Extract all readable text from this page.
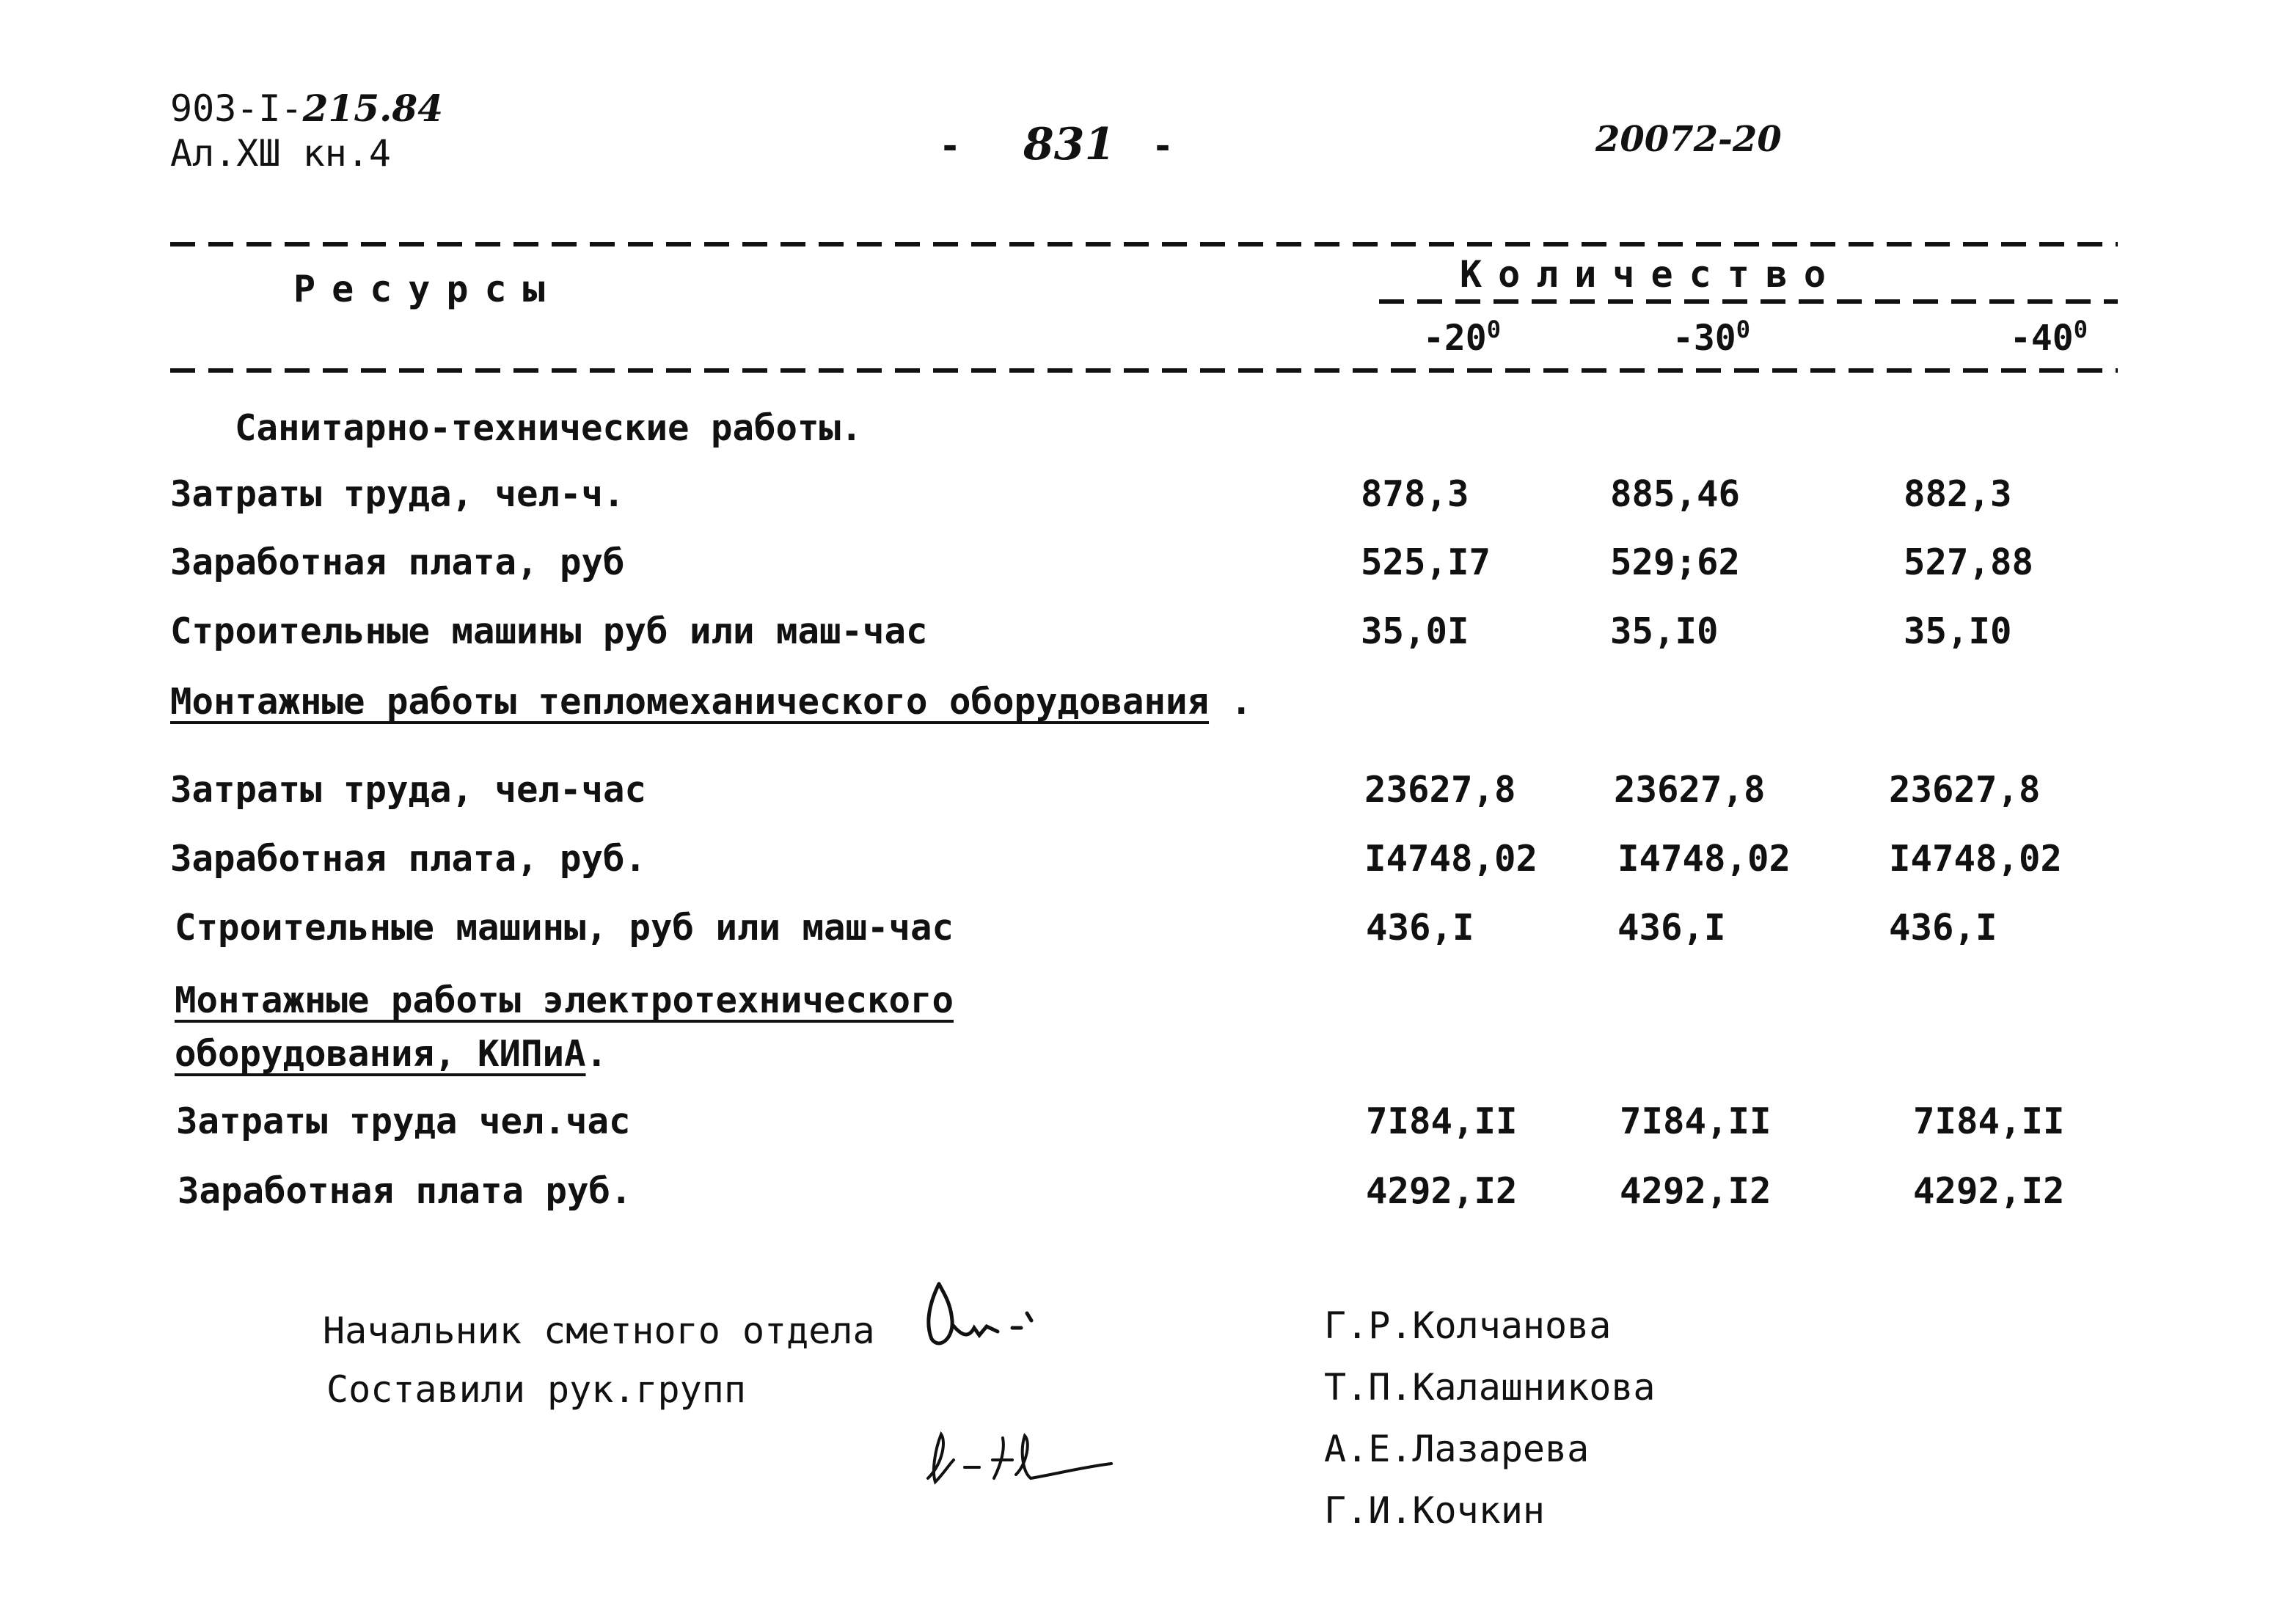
903-I-215.84
Ал.ХШ кн.4	- 831 -	20072-20
Ресурсы	Количество
$-20^0$	$-30^0$	$-40^0$
Санитарно-технические работы.
Затраты труда, чел-ч.	878,3	885,46	882,3
Заработная плата, руб	525,I7	529;62	527,88
Строительные машины руб или маш-час	35,0I	35,I0	35,I0
Монтажные работы тепломеханического оборудования .
Затраты труда, чел-час	23627,8	23627,8	23627,8
Заработная плата, руб.	I4748,02 I4748,02	I4748,02
Строительные машины, руб или маш-час	436,I	436,I	436,I
Монтажные работы электротехнического
оборудования, КИПиА.
Затраты труда чел.час	7I84,II	7I84,II	7I84,II
Заработная плата руб.	4292,I2	4292,I2	4292,I2
Начальник сметного отдела
Составили рук.групп
Г.Р.Колчанова
Т.П.Калашникова
А.Е.Лазарева
Г.И.Кочкин
